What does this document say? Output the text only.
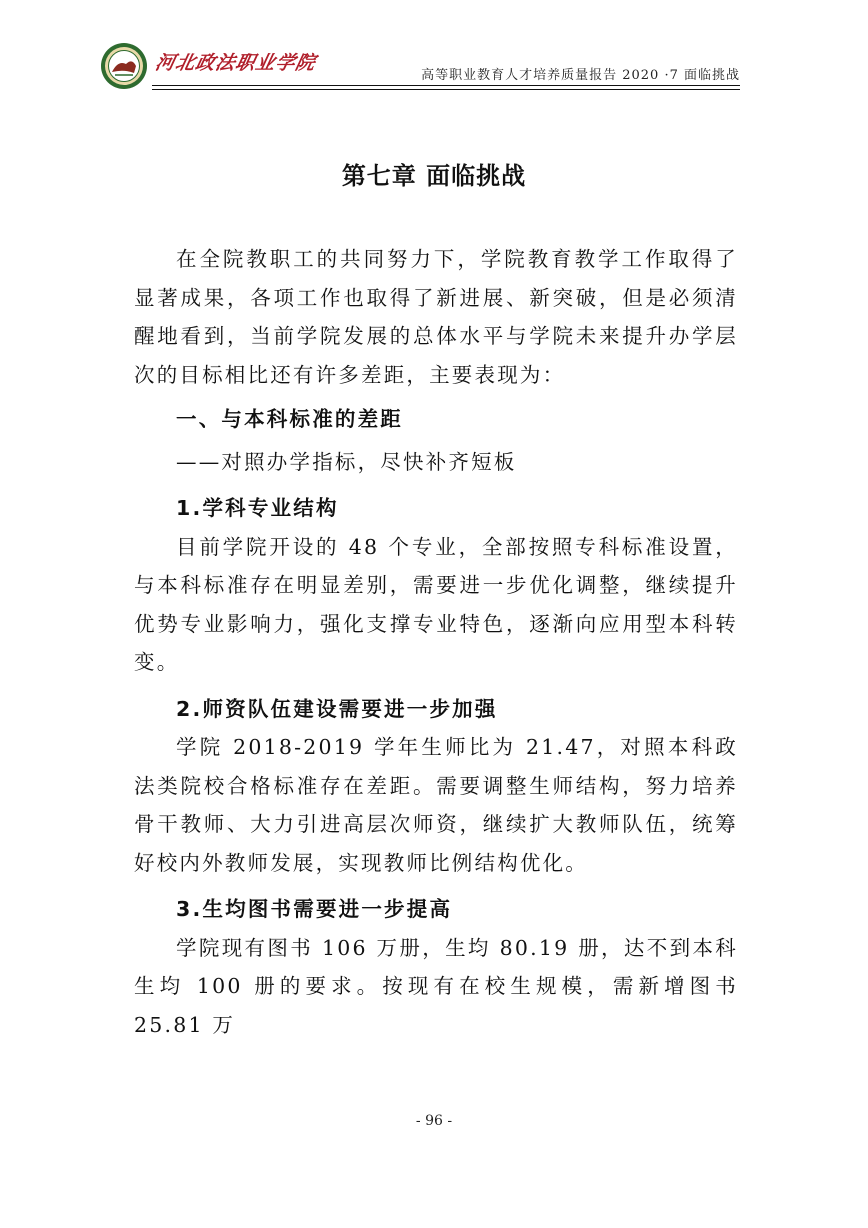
河北政法职业学院
高等职业教育人才培养质量报告 2020 ·7 面临挑战
第七章 面临挑战

在全院教职工的共同努力下，学院教育教学工作取得了显著成果，各项工作也取得了新进展、新突破，但是必须清醒地看到，当前学院发展的总体水平与学院未来提升办学层次的目标相比还有许多差距，主要表现为：

一、与本科标准的差距

——对照办学指标，尽快补齐短板

1.学科专业结构

目前学院开设的 48 个专业，全部按照专科标准设置，与本科标准存在明显差别，需要进一步优化调整，继续提升优势专业影响力，强化支撑专业特色，逐渐向应用型本科转变。

2.师资队伍建设需要进一步加强

学院 2018-2019 学年生师比为 21.47，对照本科政法类院校合格标准存在差距。需要调整生师结构，努力培养骨干教师、大力引进高层次师资，继续扩大教师队伍，统筹好校内外教师发展，实现教师比例结构优化。

3.生均图书需要进一步提高

学院现有图书 106 万册，生均 80.19 册，达不到本科生均 100 册的要求。按现有在校生规模，需新增图书 25.81 万

- 96 -
